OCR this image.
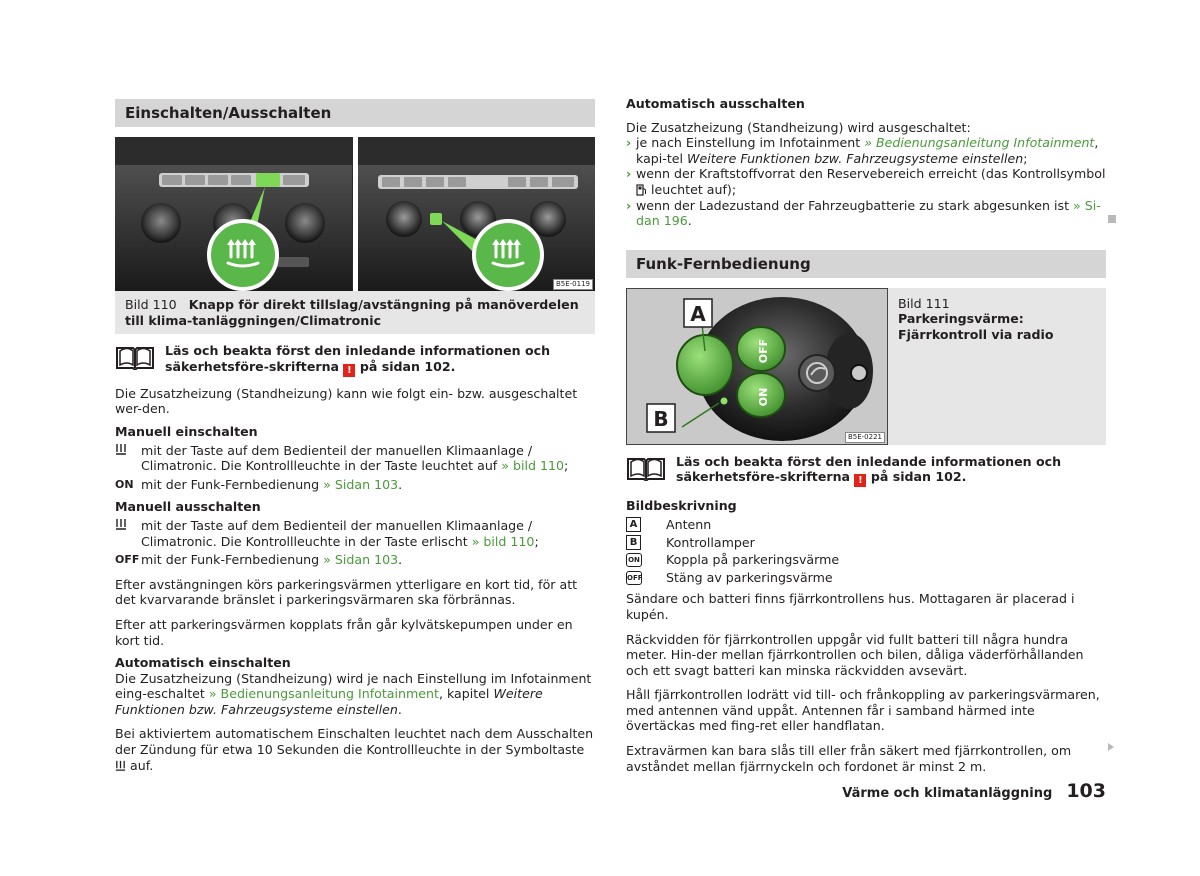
Einschalten/Ausschalten
B5E-0119
Bild 110 Knapp för direkt tillslag/avstängning på manöverdelen till klima-tanläggningen/Climatronic
Läs och beakta först den inledande informationen och säkerhetsföre-skrifterna ! på sidan 102.

Die Zusatzheizung (Standheizung) kann wie folgt ein- bzw. ausgeschaltet wer-den.

Manuell einschalten
mit der Taste auf dem Bedienteil der manuellen Klimaanlage / Climatronic. Die Kontrollleuchte in der Taste leuchtet auf » bild 110;
ON mit der Funk-Fernbedienung » Sidan 103.
Manuell ausschalten
mit der Taste auf dem Bedienteil der manuellen Klimaanlage / Climatronic. Die Kontrollleuchte in der Taste erlischt » bild 110;
OFF mit der Funk-Fernbedienung » Sidan 103.

Efter avstängningen körs parkeringsvärmen ytterligare en kort tid, för att det kvarvarande bränslet i parkeringsvärmaren ska förbrännas.

Efter att parkeringsvärmen kopplats från går kylvätskepumpen under en kort tid.

Automatisch einschalten

Die Zusatzheizung (Standheizung) wird je nach Einstellung im Infotainment eing-eschaltet » Bedienungsanleitung Infotainment, kapitel Weitere Funktionen bzw. Fahrzeugsysteme einstellen.

Bei aktiviertem automatischem Einschalten leuchtet nach dem Ausschalten der Zündung für etwa 10 Sekunden die Kontrollleuchte in der Symboltaste  auf.

Automatisch ausschalten

Die Zusatzheizung (Standheizung) wird ausgeschaltet:

› je nach Einstellung im Infotainment » Bedienungsanleitung Infotainment, kapi-tel Weitere Funktionen bzw. Fahrzeugsysteme einstellen;
› wenn der Kraftstoffvorrat den Reservebereich erreicht (das Kontrollsymbol  leuchtet auf);
› wenn der Ladezustand der Fahrzeugbatterie zu stark abgesunken ist » Si-dan 196.
Funk-Fernbedienung
OFF
ON
A
B
B5E-0221
Bild 111
Parkeringsvärme: Fjärrkontroll via radio
Läs och beakta först den inledande informationen och säkerhetsföre-skrifterna ! på sidan 102.
Bildbeskrivning
A Antenn
B Kontrollamper
ON Koppla på parkeringsvärme
OFF Stäng av parkeringsvärme

Sändare och batteri finns fjärrkontrollens hus. Mottagaren är placerad i kupén.

Räckvidden för fjärrkontrollen uppgår vid fullt batteri till några hundra meter. Hin-der mellan fjärrkontrollen och bilen, dåliga väderförhållanden och ett svagt batteri kan minska räckvidden avsevärt.

Håll fjärrkontrollen lodrätt vid till- och frånkoppling av parkeringsvärmaren, med antennen vänd uppåt. Antennen får i samband härmed inte övertäckas med fing-ret eller handflatan.

Extravärmen kan bara slås till eller från säkert med fjärrkontrollen, om avståndet mellan fjärrnyckeln och fordonet är minst 2 m.

Värme och klimatanläggning 103
